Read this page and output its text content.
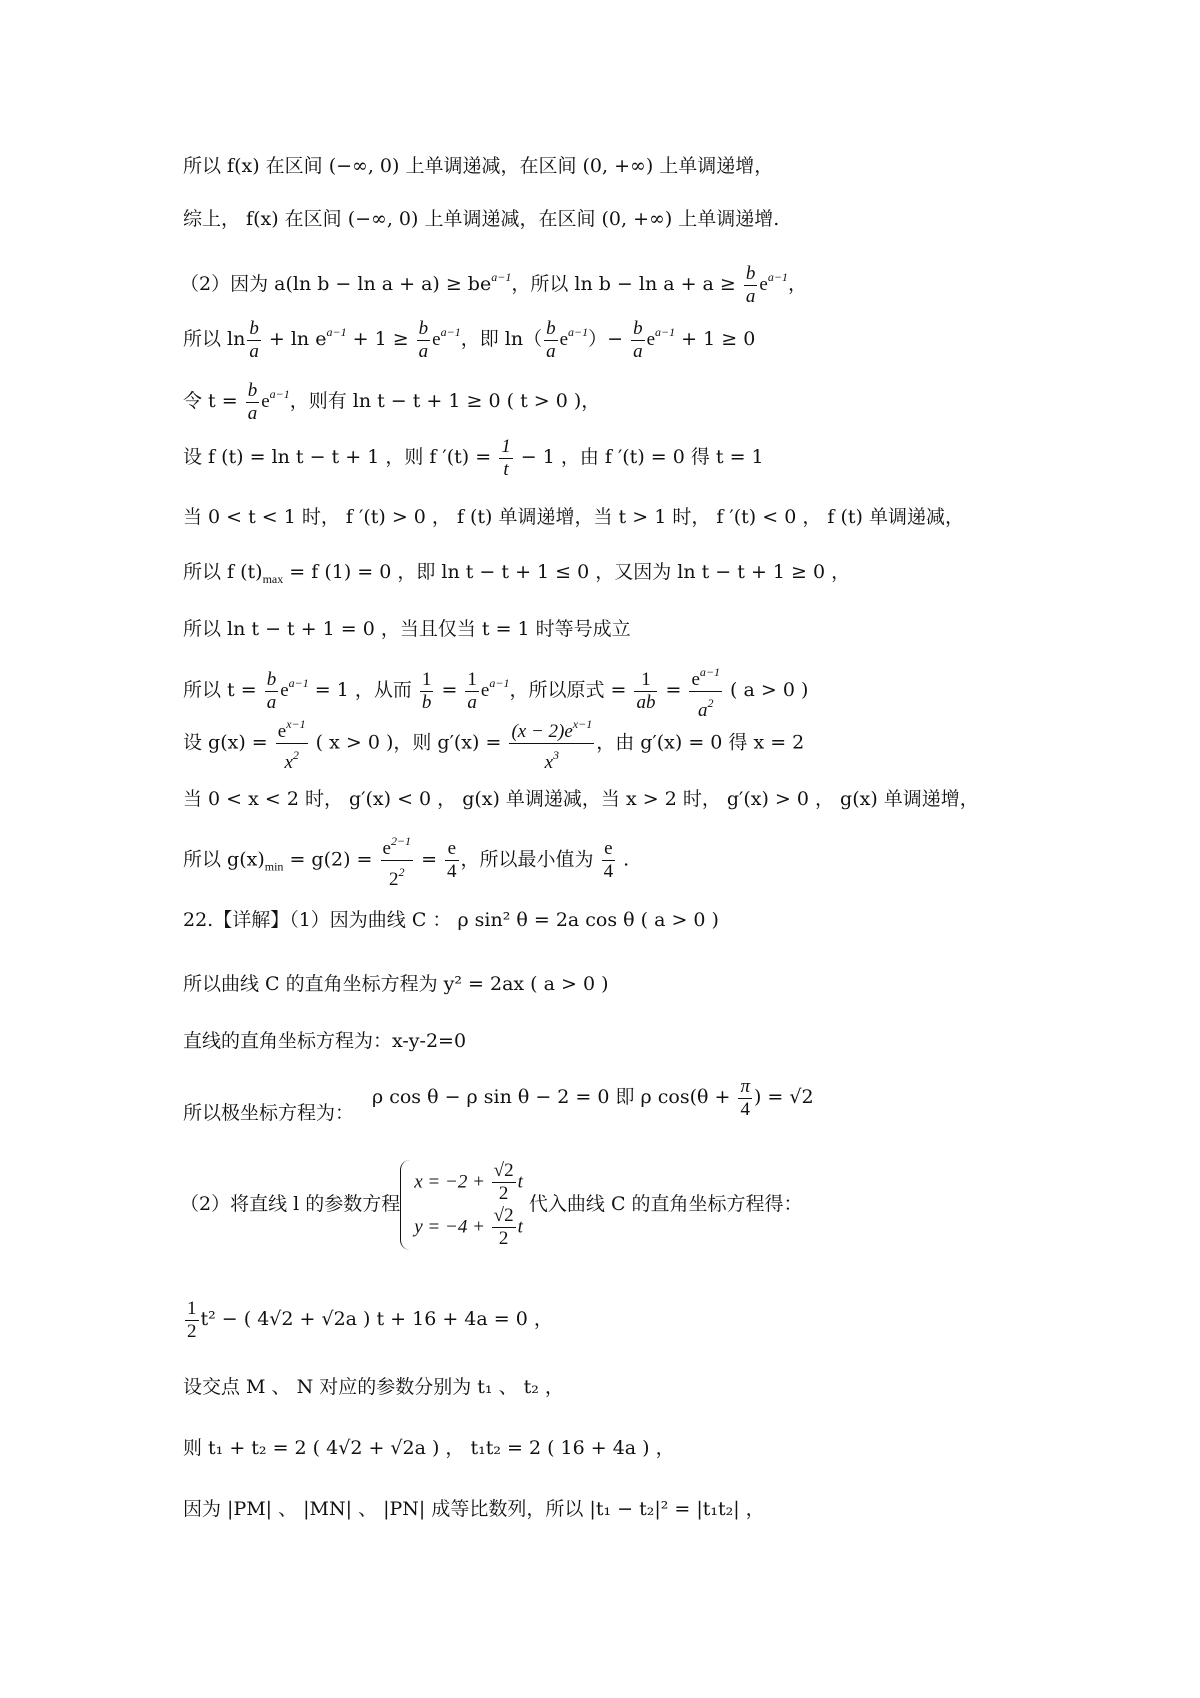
所以 f(x) 在区间 (−∞, 0) 上单调递减，在区间 (0, +∞) 上单调递增，
综上， f(x) 在区间 (−∞, 0) 上单调递减，在区间 (0, +∞) 上单调递增.
（2）因为 a(ln $b - \ln a + a) \ge be^{a-1}$，所以 $\ln b - \ln a + a \ge \frac{b}{a} e^{a-1}$，
所以 $\ln \frac{b}{a} + \ln e^{a-1} + 1 \ge \frac{b}{a} e^{a-1}$，即 $\ln( \frac{b}{a} e^{a-1})- \frac{b}{a} e^{a-1} + 1 \ge 0$
令 $t = \frac{b}{a} e^{a-1}$，则有 ln t − t + 1 ≥ 0 ( t > 0 )，
设 f (t) = ln t − t + 1 ，则 f $'(t) = \frac{1}{t} - 1$ ，由 f ′(t) = 0 得 t = 1
当 0 < t < 1 时， f ′(t) > 0 ， f (t) 单调递增，当 t > 1 时， f ′(t) < 0 ， f (t) 单调递减，
所以 f $(t)_{max} = f$ (1) = 0 ，即 ln t − t + 1 ≤ 0 ，又因为 ln t − t + 1 ≥ 0 ，
所以 ln t − t + 1 = 0 ，当且仅当 t = 1 时等号成立
所以 $t = \frac{b}{a} e^{a-1} = 1$ ，从而 $\frac{1}{b} = \frac{1}{a} e^{a-1}$，所以原式 = $\frac{1}{ab} = \frac{e^{a-1}}{a^2}$ ( a > 0 )
设 $g(x) = \frac{e^{x-1}}{x^2}$ ( x > 0 )，则 $g'(x) = \frac{(x - 2)e^{x-1}}{x^3}$ ，由 g′(x) = 0 得 x = 2
当 0 < x < 2 时， g′(x) < 0 ， g(x) 单调递减，当 x > 2 时， g′(x) > 0 ， g(x) 单调递增，
所以 $g(x)_{min} = g(2) = \frac{e^{2-1}}{2^2} = \frac{e}{4}$ ，所以最小值为 $\frac{e}{4}$ .
22.【详解】（1）因为曲线 C ： ρ sin² θ = 2a cos θ ( a > 0 )
所以曲线 C 的直角坐标方程为 y² = 2ax ( a > 0 )
直线的直角坐标方程为：x-y-2=0
所以极坐标方程为：ρ cos θ − ρ sin θ − 2 = 0 即 ρ $\cos(\theta + \frac{\pi}{4}$ ) = √2
（2）将直线 l 的参数方程
$x = -2 + \frac{√2}{2}$ t
$y = -4 + \frac{√2}{2}$ t
代入曲线 C 的直角坐标方程得：
$\frac{1}{2} t^2$ − ( 4√2 + √2a ) t + 16 + 4a = 0 ，
设交点 M 、 N 对应的参数分别为 t₁ 、 t₂ ，
则 t₁ + t₂ = 2 ( 4√2 + √2a ) ， t₁t₂ = 2 ( 16 + 4a ) ，
因为 |PM| 、 |MN| 、 |PN| 成等比数列，所以 |t₁ − t₂|² = |t₁t₂| ，
